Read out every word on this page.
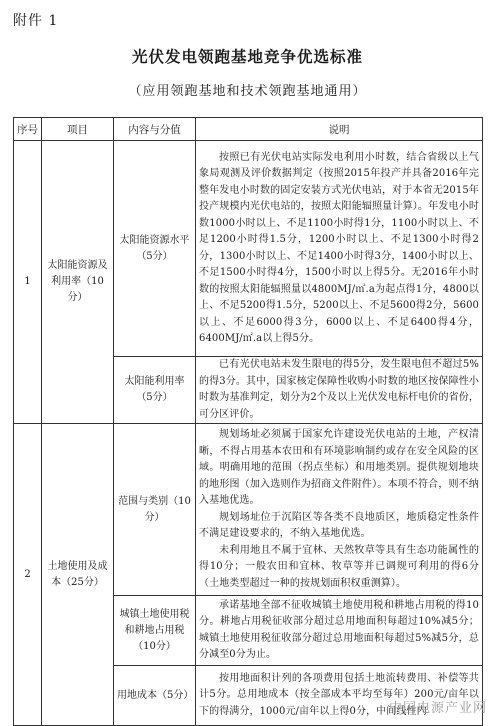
附件 1
光伏发电领跑基地竞争优选标准
（应用领跑基地和技术领跑基地通用）
序号	项目	内容与分值	说明
1	太阳能资源及利用率（10分）	太阳能资源水平（5分）	按照已有光伏电站实际发电利用小时数，结合省级以上气象局观测及评价数据判定（按照2015年投产并具备2016年完整年发电小时数的固定安装方式光伏电站，对于本省无2015年投产规模内光伏电站的，按照太阳能辐照量计算）。年发电小时数1000小时以上、不足1100小时得1分，1100小时以上、不足1200小时得1.5分，1200小时以上、不足1300小时得2分，1300小时以上、不足1400小时得3分，1400小时以上、不足1500小时得4分，1500小时以上得5分。无2016年小时数的按照太阳能辐照量以4800MJ/㎡.a为起点得1分，4800以上、不足5200得1.5分，5200以上、不足5600得2分，5600以上、不足6000得3分，6000以上、不足6400得4分，6400MJ/㎡.a以上得5分。

		太阳能利用率（5分）	已有光伏电站未发生限电的得5分，发生限电但不超过5%的得3分。其中，国家核定保障性收购小时数的地区按保障性小时数为基准判定，划分为2个及以上光伏发电标杆电价的省份，可分区评价。

2	土地使用及成本（25分）	范围与类别（10分）	规划场址必须属于国家允许建设光伏电站的土地，产权清晰，不得占用基本农田和有环境影响制约或存在安全风险的区域。明确用地的范围（拐点坐标）和用地类别。提供规划地块的地形图（加入选则作为招商文件附件）。本项不符合，则不纳入基地优选。
规划场址位于沉陷区等各类不良地质区，地质稳定性条件不满足建设要求的，不纳入基地优选。
未利用地且不属于宜林、天然牧草等具有生态功能属性的得10分；一般农田和宜林、牧草等并已调规可利用的得6分（土地类型超过一种的按规划面积权重测算）。

		城镇土地使用税和耕地占用税（10分）	承诺基地全部不征收城镇土地使用税和耕地占用税的得10分。耕地占用税征收部分超过总用地面积每超过10%减5分；城镇土地使用税征收部分超过总用地面积每超过5%减5分，总分减至0分为止。

		用地成本（5分）	按用地面积计列的各项费用包括土地流转费用、补偿等共计5分。总用地成本（按全部成本平均至每年）200元/亩年以下的得满分，1000元/亩年以上得0分，中间线性内
中国电源产业网
